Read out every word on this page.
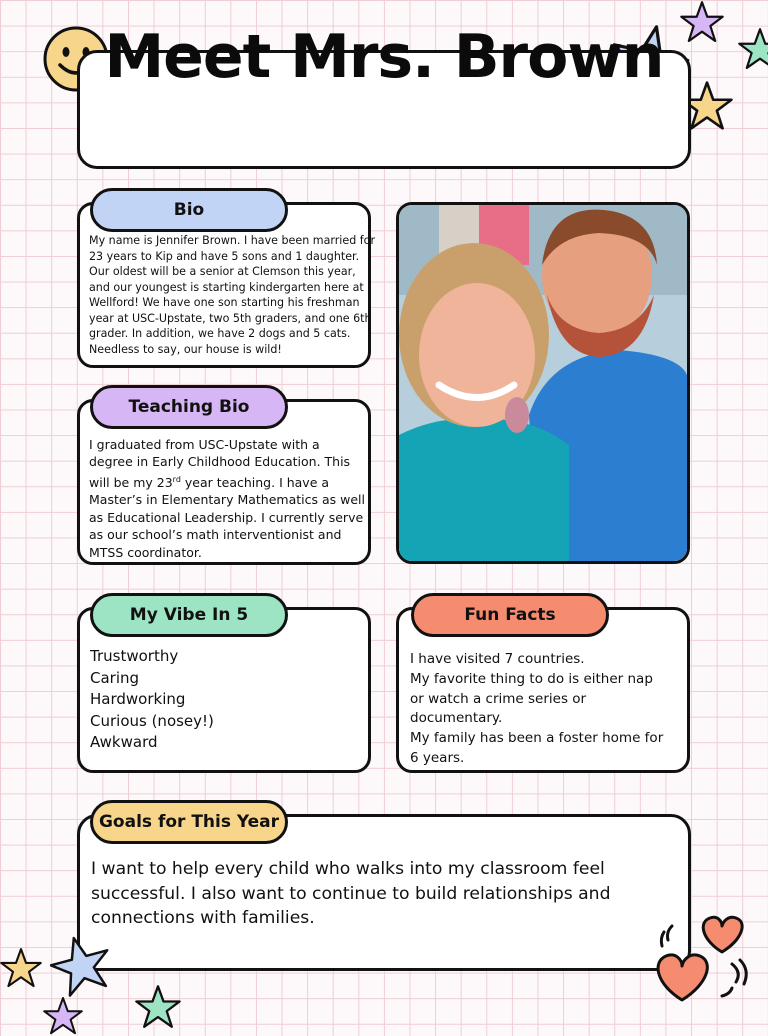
Meet Mrs. Brown
My name is Jennifer Brown. I have been married for
23 years to Kip and have 5 sons and 1 daughter.
Our oldest will be a senior at Clemson this year,
and our youngest is starting kindergarten here at
Wellford! We have one son starting his freshman
year at USC-Upstate, two 5th graders, and one 6th
grader. In addition, we have 2 dogs and 5 cats.
Needless to say, our house is wild!
Bio
I graduated from USC-Upstate with a
degree in Early Childhood Education. This
will be my 23rd year teaching. I have a
Master’s in Elementary Mathematics as well
as Educational Leadership. I currently serve
as our school’s math interventionist and
MTSS coordinator.
Teaching Bio
Trustworthy
Caring
Hardworking
Curious (nosey!)
Awkward
My Vibe In 5
I have visited 7 countries.
My favorite thing to do is either nap
or watch a crime series or
documentary.
My family has been a foster home for
6 years.
Fun Facts
I want to help every child who walks into my classroom feel
successful. I also want to continue to build relationships and
connections with families.
Goals for This Year
